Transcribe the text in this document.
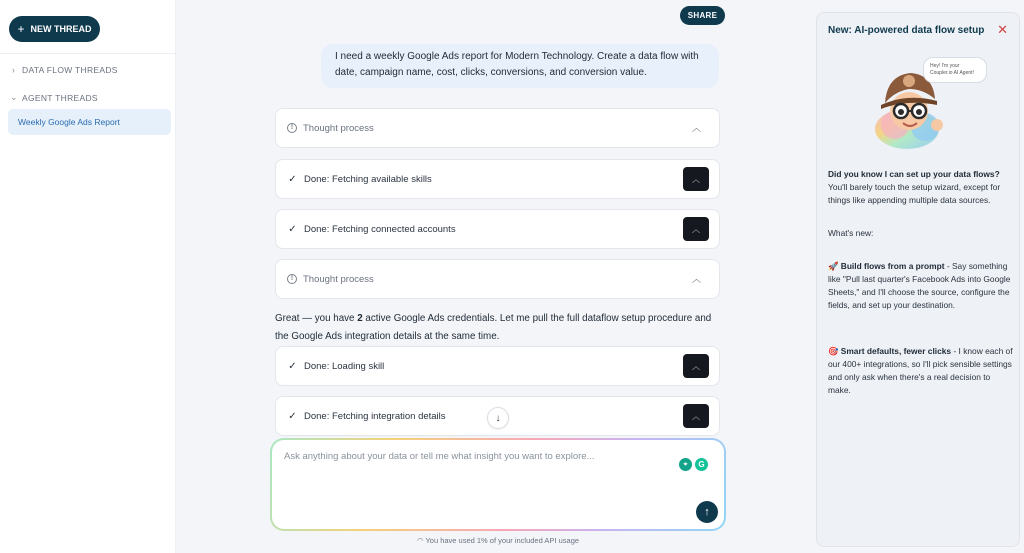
+ NEW THREAD
› DATA FLOW THREADS
⌄ AGENT THREADS
Weekly Google Ads Report
SHARE
I need a weekly Google Ads report for Modern Technology. Create a data flow with date, campaign name, cost, clicks, conversions, and conversion value.
!	Thought process	︿
✓ Done: Fetching available skills	︿
✓ Done: Fetching connected accounts	︿
!	Thought process	︿
Great — you have 2 active Google Ads credentials. Let me pull the full dataflow setup procedure and the Google Ads integration details at the same time.
✓ Done: Loading skill	︿
✓ Done: Fetching integration details	︿
↓
Ask anything about your data or tell me what insight you want to explore...
⌖	G
↑
◠ You have used 1% of your included API usage
New: AI-powered data flow setup ✕
Hey! I'm your Coupler.io AI Agent!
Did you know I can set up your data flows?
You'll barely touch the setup wizard, except for things like appending multiple data sources.
What's new:
🚀 Build flows from a prompt - Say something like "Pull last quarter's Facebook Ads into Google Sheets," and I'll choose the source, configure the fields, and set up your destination.
🎯 Smart defaults, fewer clicks - I know each of our 400+ integrations, so I'll pick sensible settings and only ask when there's a real decision to make.
